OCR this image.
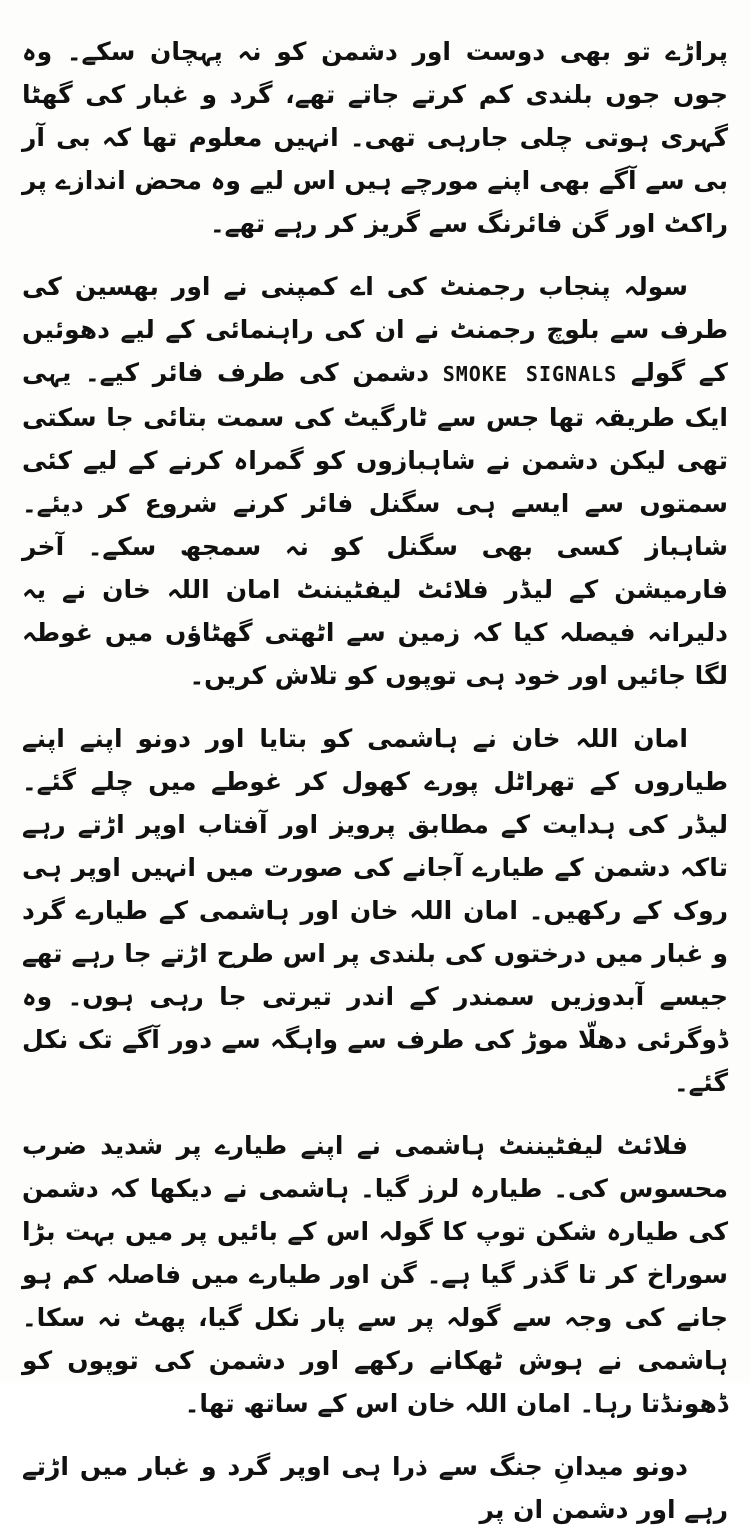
پراڑے تو بھی دوست اور دشمن کو نہ پہچان سکے۔ وہ جوں جوں بلندی کم کرتے جاتے تھے، گرد و غبار کی گھٹا گہری ہوتی چلی جارہی تھی۔ انہیں معلوم تھا کہ بی آر بی سے آگے بھی اپنے مورچے ہیں اس لیے وہ محض اندازے پر راکٹ اور گن فائرنگ سے گریز کر رہے تھے۔

سولہ پنجاب رجمنٹ کی اے کمپنی نے اور بھسین کی طرف سے بلوچ رجمنٹ نے ان کی راہنمائی کے لیے دھوئیں کے گولے SMOKE SIGNALS دشمن کی طرف فائر کیے۔ یہی ایک طریقہ تھا جس سے ٹارگیٹ کی سمت بتائی جا سکتی تھی لیکن دشمن نے شاہبازوں کو گمراہ کرنے کے لیے کئی سمتوں سے ایسے ہی سگنل فائر کرنے شروع کر دیئے۔ شاہباز کسی بھی سگنل کو نہ سمجھ سکے۔ آخر فارمیشن کے لیڈر فلائٹ لیفٹیننٹ امان اللہ خان نے یہ دلیرانہ فیصلہ کیا کہ زمین سے اٹھتی گھٹاؤں میں غوطہ لگا جائیں اور خود ہی توپوں کو تلاش کریں۔

امان اللہ خان نے ہاشمی کو بتایا اور دونو اپنے اپنے طیاروں کے تھراٹل پورے کھول کر غوطے میں چلے گئے۔ لیڈر کی ہدایت کے مطابق پرویز اور آفتاب اوپر اڑتے رہے تاکہ دشمن کے طیارے آجانے کی صورت میں انہیں اوپر ہی روک کے رکھیں۔ امان اللہ خان اور ہاشمی کے طیارے گرد و غبار میں درختوں کی بلندی پر اس طرح اڑتے جا رہے تھے جیسے آبدوزیں سمندر کے اندر تیرتی جا رہی ہوں۔ وہ ڈوگرئی دھلّا موڑ کی طرف سے واہگہ سے دور آگے تک نکل گئے۔

فلائٹ لیفٹیننٹ ہاشمی نے اپنے طیارے پر شدید ضرب محسوس کی۔ طیارہ لرز گیا۔ ہاشمی نے دیکھا کہ دشمن کی طیارہ شکن توپ کا گولہ اس کے بائیں پر میں بہت بڑا سوراخ کر تا گذر گیا ہے۔ گن اور طیارے میں فاصلہ کم ہو جانے کی وجہ سے گولہ پر سے پار نکل گیا، پھٹ نہ سکا۔ ہاشمی نے ہوش ٹھکانے رکھے اور دشمن کی توپوں کو ڈھونڈتا رہا۔ امان اللہ خان اس کے ساتھ تھا۔

دونو میدانِ جنگ سے ذرا ہی اوپر گرد و غبار میں اڑتے رہے اور دشمن ان پر
